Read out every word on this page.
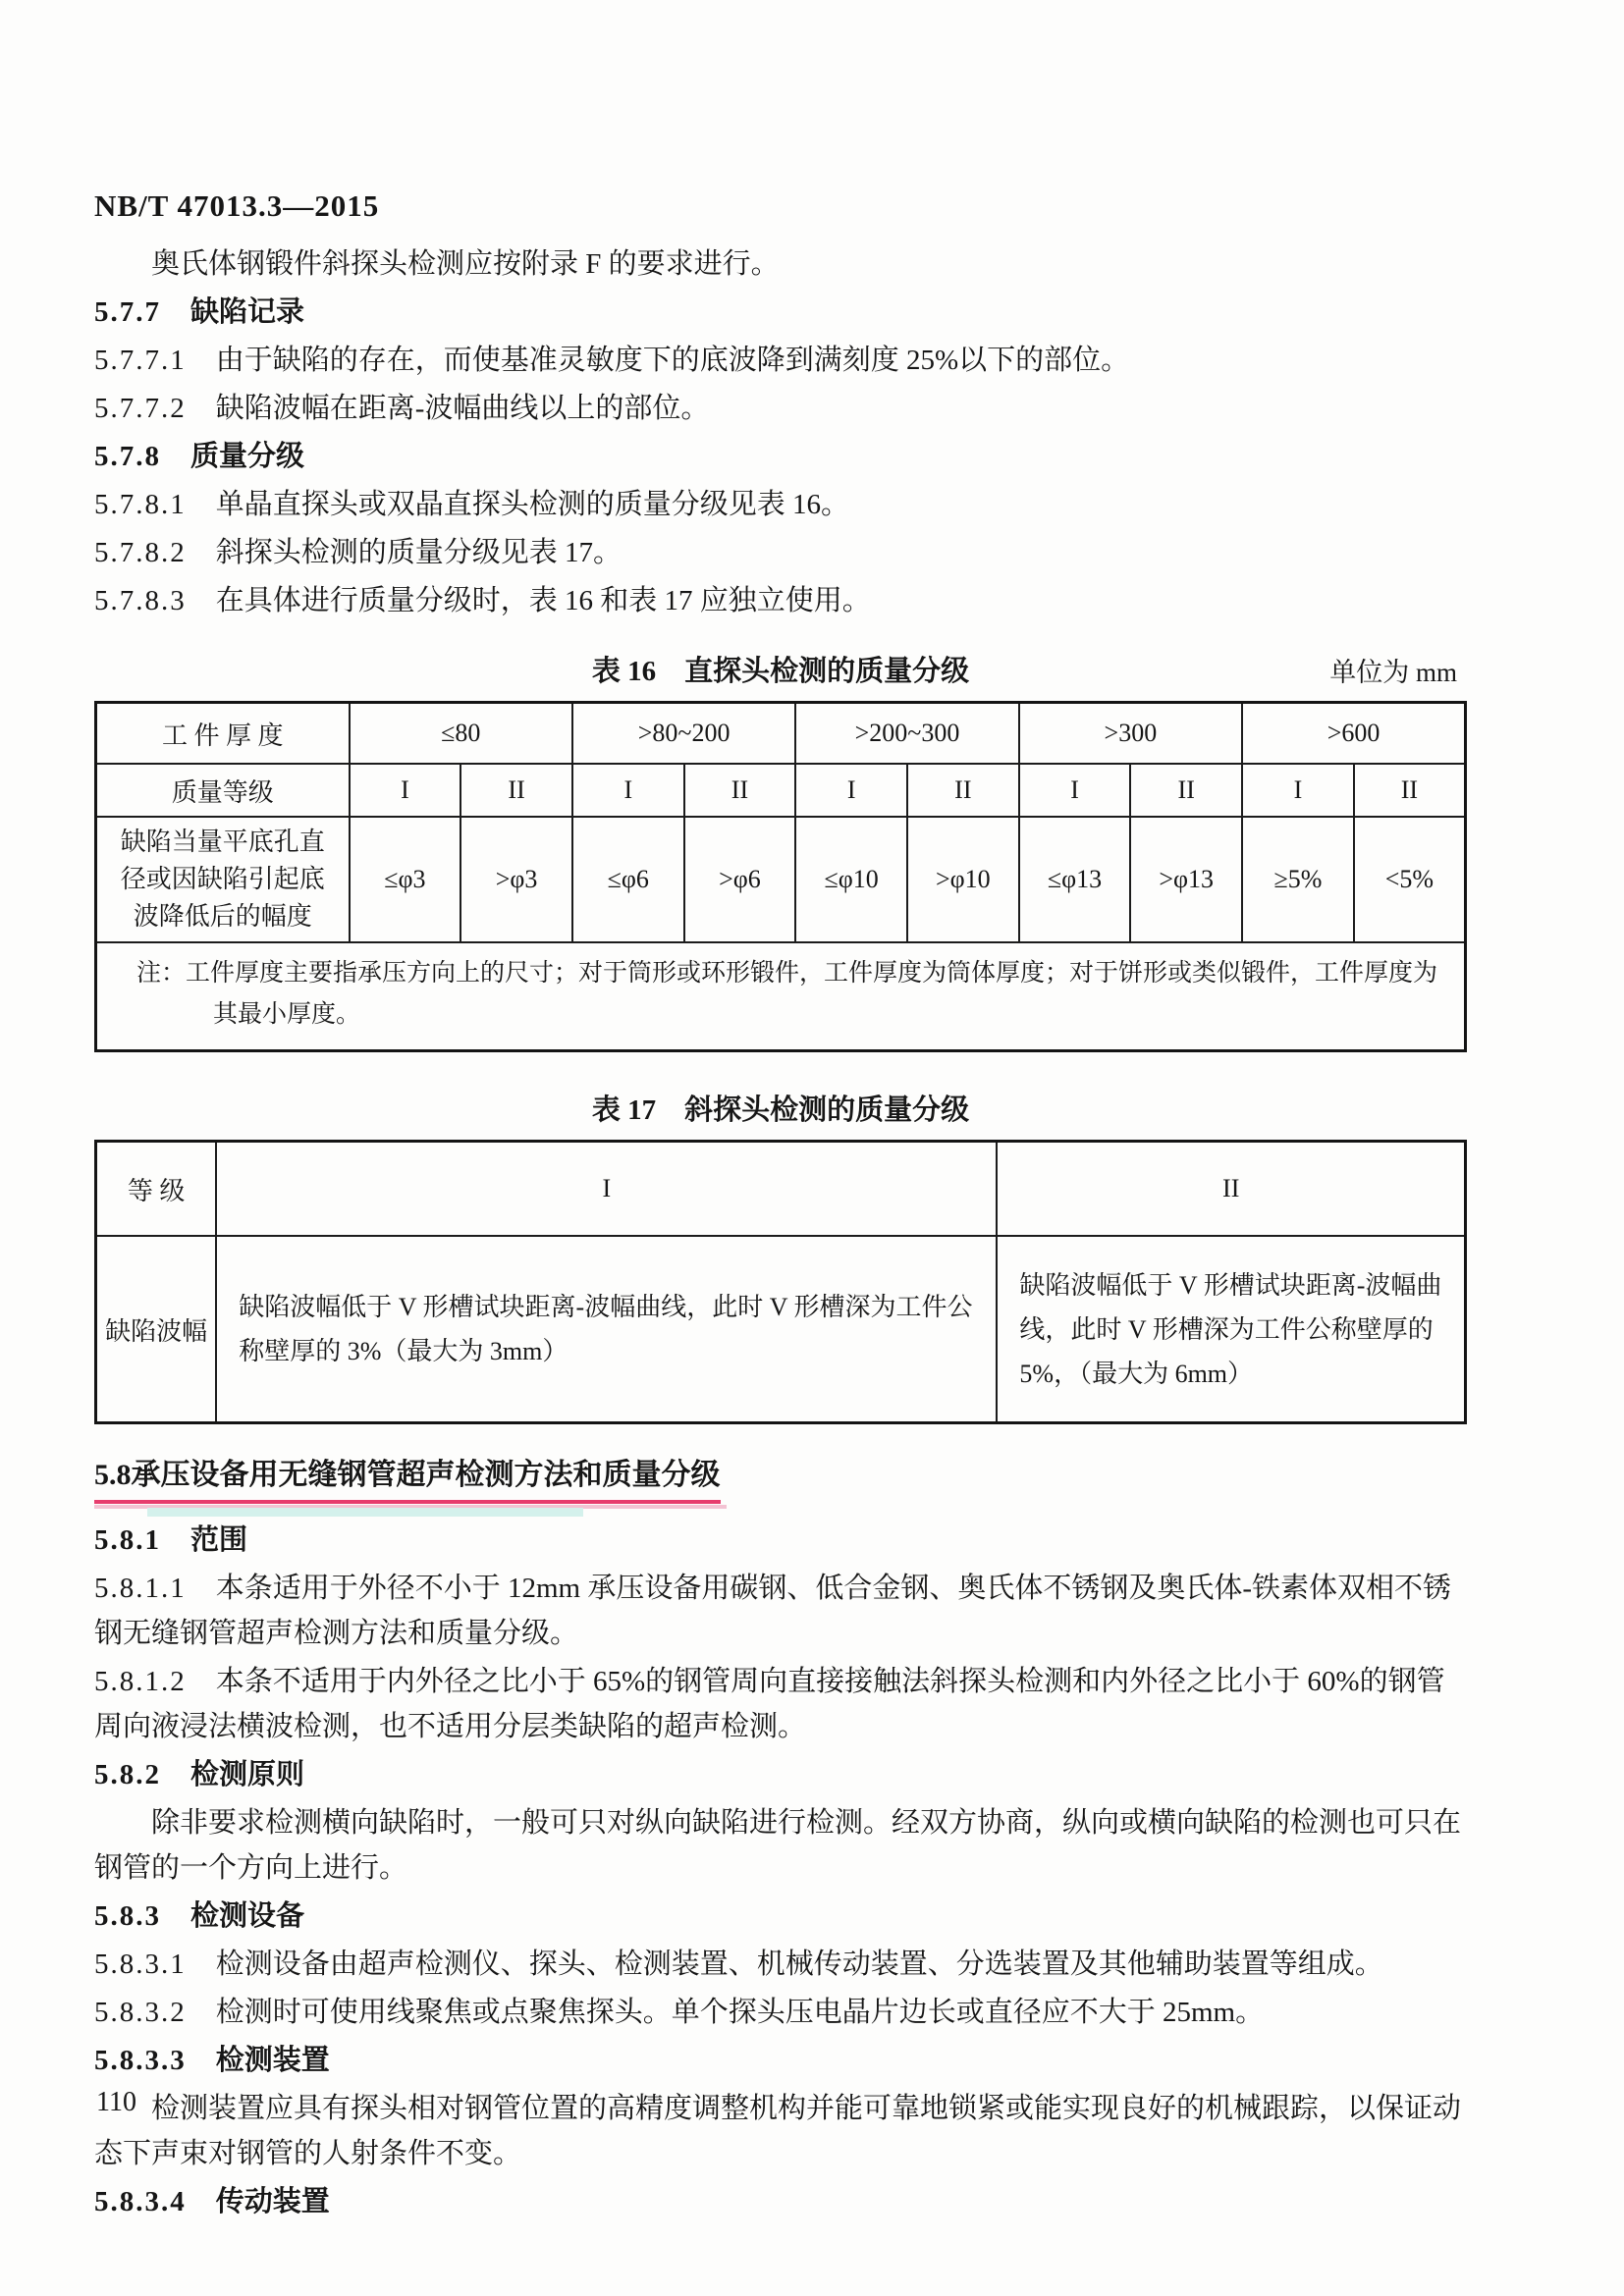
NB/T 47013.3—2015

奥氏体钢锻件斜探头检测应按附录 F 的要求进行。

5.7.7 缺陷记录

5.7.7.1 由于缺陷的存在，而使基准灵敏度下的底波降到满刻度 25%以下的部位。

5.7.7.2 缺陷波幅在距离-波幅曲线以上的部位。

5.7.8 质量分级

5.7.8.1 单晶直探头或双晶直探头检测的质量分级见表 16。

5.7.8.2 斜探头检测的质量分级见表 17。

5.7.8.3 在具体进行质量分级时，表 16 和表 17 应独立使用。

表 16　直探头检测的质量分级	单位为 mm
工 件 厚 度	≤80		>80~200		>200~300		>300		>600	
质量等级	I	II	I	II	I	II	I	II	I	II
缺陷当量平底孔直径或因缺陷引起底波降低后的幅度	≤φ3	>φ3	≤φ6	>φ6	≤φ10	>φ10	≤φ13	>φ13	≥5%	<5%
注：工件厚度主要指承压方向上的尺寸；对于筒形或环形锻件，工件厚度为筒体厚度；对于饼形或类似锻件，工件厚度为其最小厚度。										
表 17　斜探头检测的质量分级
等 级	I	II
缺陷波幅	缺陷波幅低于 V 形槽试块距离-波幅曲线，此时 V 形槽深为工件公称壁厚的 3%（最大为 3mm）	缺陷波幅低于 V 形槽试块距离-波幅曲线，此时 V 形槽深为工件公称壁厚的 5%，（最大为 6mm）
5.8承压设备用无缝钢管超声检测方法和质量分级

5.8.1 范围

5.8.1.1 本条适用于外径不小于 12mm 承压设备用碳钢、低合金钢、奥氏体不锈钢及奥氏体-铁素体双相不锈钢无缝钢管超声检测方法和质量分级。

5.8.1.2 本条不适用于内外径之比小于 65%的钢管周向直接接触法斜探头检测和内外径之比小于 60%的钢管周向液浸法横波检测，也不适用分层类缺陷的超声检测。

5.8.2 检测原则

除非要求检测横向缺陷时，一般可只对纵向缺陷进行检测。经双方协商，纵向或横向缺陷的检测也可只在钢管的一个方向上进行。

5.8.3 检测设备

5.8.3.1 检测设备由超声检测仪、探头、检测装置、机械传动装置、分选装置及其他辅助装置等组成。

5.8.3.2 检测时可使用线聚焦或点聚焦探头。单个探头压电晶片边长或直径应不大于 25mm。

5.8.3.3 检测装置

检测装置应具有探头相对钢管位置的高精度调整机构并能可靠地锁紧或能实现良好的机械跟踪，以保证动态下声束对钢管的人射条件不变。

5.8.3.4 传动装置

110
